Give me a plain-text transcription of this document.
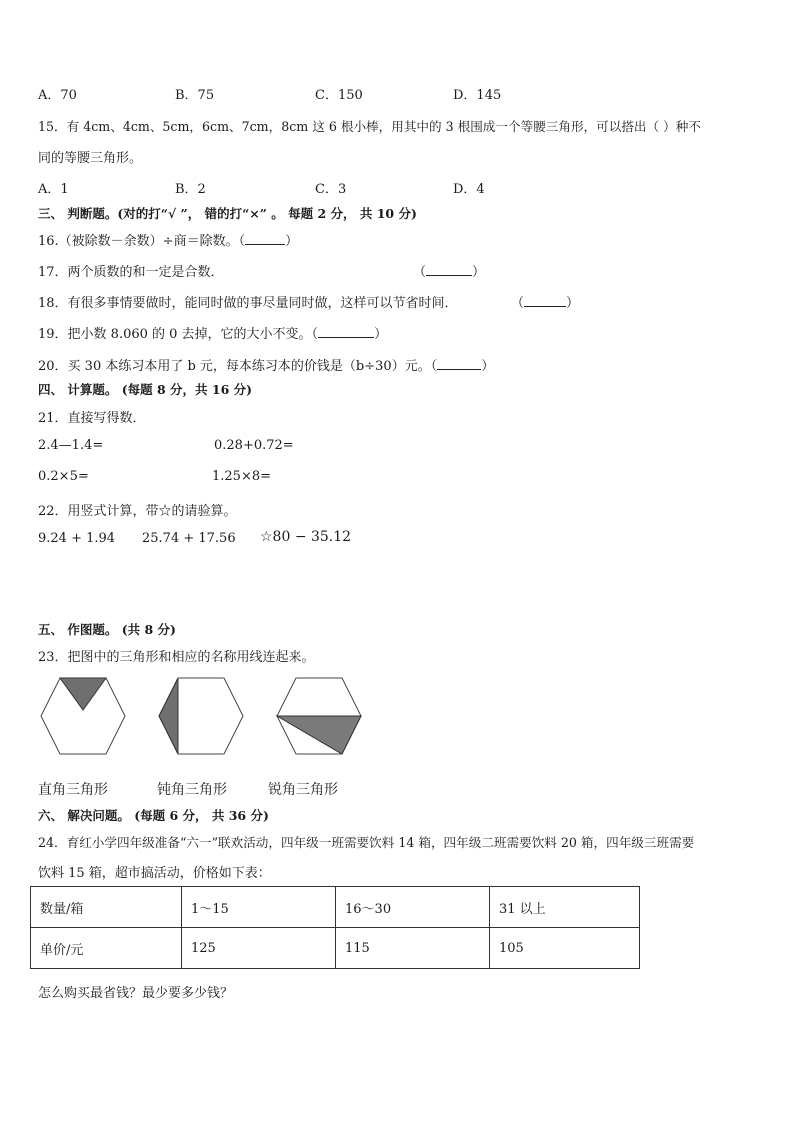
A．70	B．75	C．150	D．145
15．有 4cm、4cm、5cm，6cm、7cm，8cm 这 6 根小棒，用其中的 3 根围成一个等腰三角形，可以搭出（ ）种不
同的等腰三角形。
A．1	B．2	C．3	D．4
三、 判断题。(对的打“√ ”， 错的打“×” 。 每题 2 分， 共 10 分)
16.（被除数－余数）÷商＝除数。（	）
17．两个质数的和一定是合数．	（	）
18．有很多事情要做时，能同时做的事尽量同时做，这样可以节省时间．	（	）
19．把小数 8.060 的 0 去掉，它的大小不变。（	）
20．买 30 本练习本用了 b 元，每本练习本的价钱是（b÷30）元。（	）
四、 计算题。 (每题 8 分，共 16 分)
21．直接写得数．
2.4—1.4=	0.28+0.72=
0.2×5=	1.25×8=
22．用竖式计算，带☆的请验算。
9.24 + 1.94 25.74 + 17.56 ☆80 − 35.12
五、 作图题。 (共 8 分)
23．把图中的三角形和相应的名称用线连起来。
直角三角形	钝角三角形	锐角三角形
六、 解决问题。 (每题 6 分， 共 36 分)
24．育红小学四年级准备“六一”联欢活动，四年级一班需要饮料 14 箱，四年级二班需要饮料 20 箱，四年级三班需要
饮料 15 箱，超市搞活动，价格如下表：
数量/箱	1～15	16～30	31 以上
单价/元	125	115	105
怎么购买最省钱？最少要多少钱？
